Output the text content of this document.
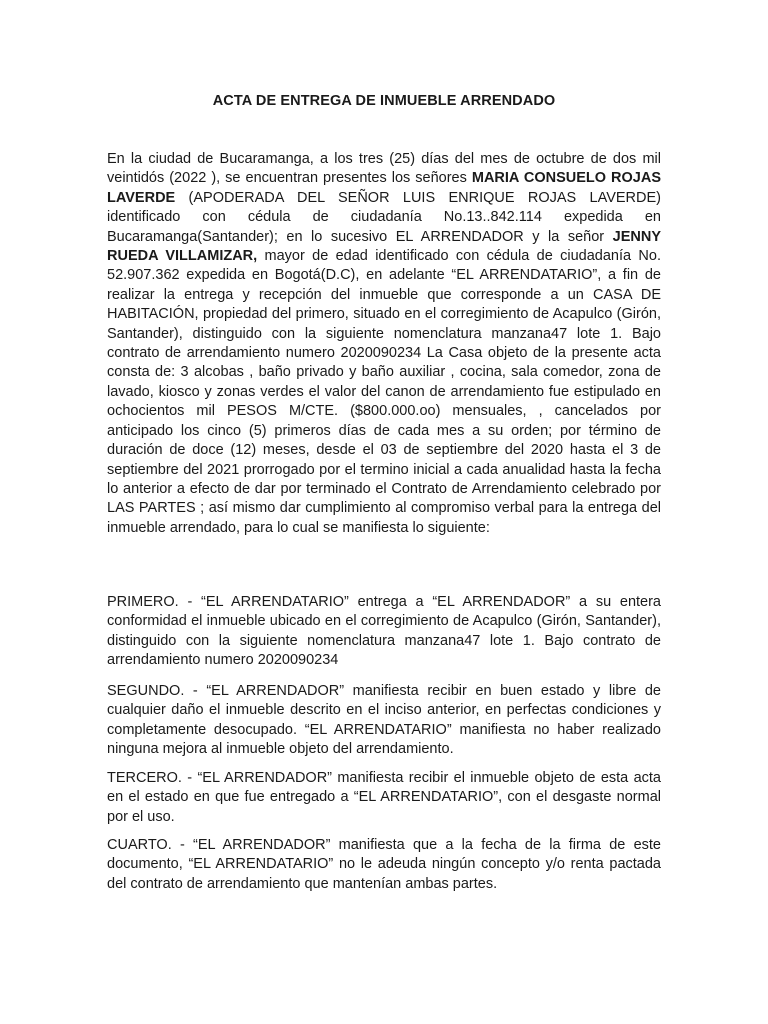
ACTA DE ENTREGA DE INMUEBLE ARRENDADO
En la ciudad de Bucaramanga, a los tres (25) días del mes de octubre de dos mil veintidós (2022 ), se encuentran presentes los señores MARIA CONSUELO ROJAS LAVERDE (APODERADA DEL SEÑOR LUIS ENRIQUE ROJAS LAVERDE) identificado con cédula de ciudadanía No.13..842.114 expedida en Bucaramanga(Santander); en lo sucesivo EL ARRENDADOR y la señor JENNY RUEDA VILLAMIZAR, mayor de edad identificado con cédula de ciudadanía No. 52.907.362 expedida en Bogotá(D.C), en adelante “EL ARRENDATARIO”, a fin de realizar la entrega y recepción del inmueble que corresponde a un CASA DE HABITACIÓN, propiedad del primero, situado en el corregimiento de Acapulco (Girón, Santander), distinguido con la siguiente nomenclatura manzana47 lote 1. Bajo contrato de arrendamiento numero 2020090234 La Casa objeto de la presente acta consta de: 3 alcobas , baño privado y baño auxiliar , cocina, sala comedor, zona de lavado, kiosco y zonas verdes el valor del canon de arrendamiento fue estipulado en ochocientos mil PESOS M/CTE. ($800.000.oo) mensuales, , cancelados por anticipado los cinco (5) primeros días de cada mes a su orden; por término de duración de doce (12) meses, desde el 03 de septiembre del 2020 hasta el 3 de septiembre del 2021 prorrogado por el termino inicial a cada anualidad hasta la fecha lo anterior a efecto de dar por terminado el Contrato de Arrendamiento celebrado por LAS PARTES ; así mismo dar cumplimiento al compromiso verbal para la entrega del inmueble arrendado, para lo cual se manifiesta lo siguiente:
PRIMERO. - “EL ARRENDATARIO” entrega a “EL ARRENDADOR” a su entera conformidad el inmueble ubicado en el corregimiento de Acapulco (Girón, Santander), distinguido con la siguiente nomenclatura manzana47 lote 1. Bajo contrato de arrendamiento numero 2020090234
SEGUNDO. - “EL ARRENDADOR” manifiesta recibir en buen estado y libre de cualquier daño el inmueble descrito en el inciso anterior, en perfectas condiciones y completamente desocupado. “EL ARRENDATARIO” manifiesta no haber realizado ninguna mejora al inmueble objeto del arrendamiento.
TERCERO. - “EL ARRENDADOR” manifiesta recibir el inmueble objeto de esta acta en el estado en que fue entregado a “EL ARRENDATARIO”, con el desgaste normal por el uso.
CUARTO. - “EL ARRENDADOR” manifiesta que a la fecha de la firma de este documento, “EL ARRENDATARIO” no le adeuda ningún concepto y/o renta pactada del contrato de arrendamiento que mantenían ambas partes.
